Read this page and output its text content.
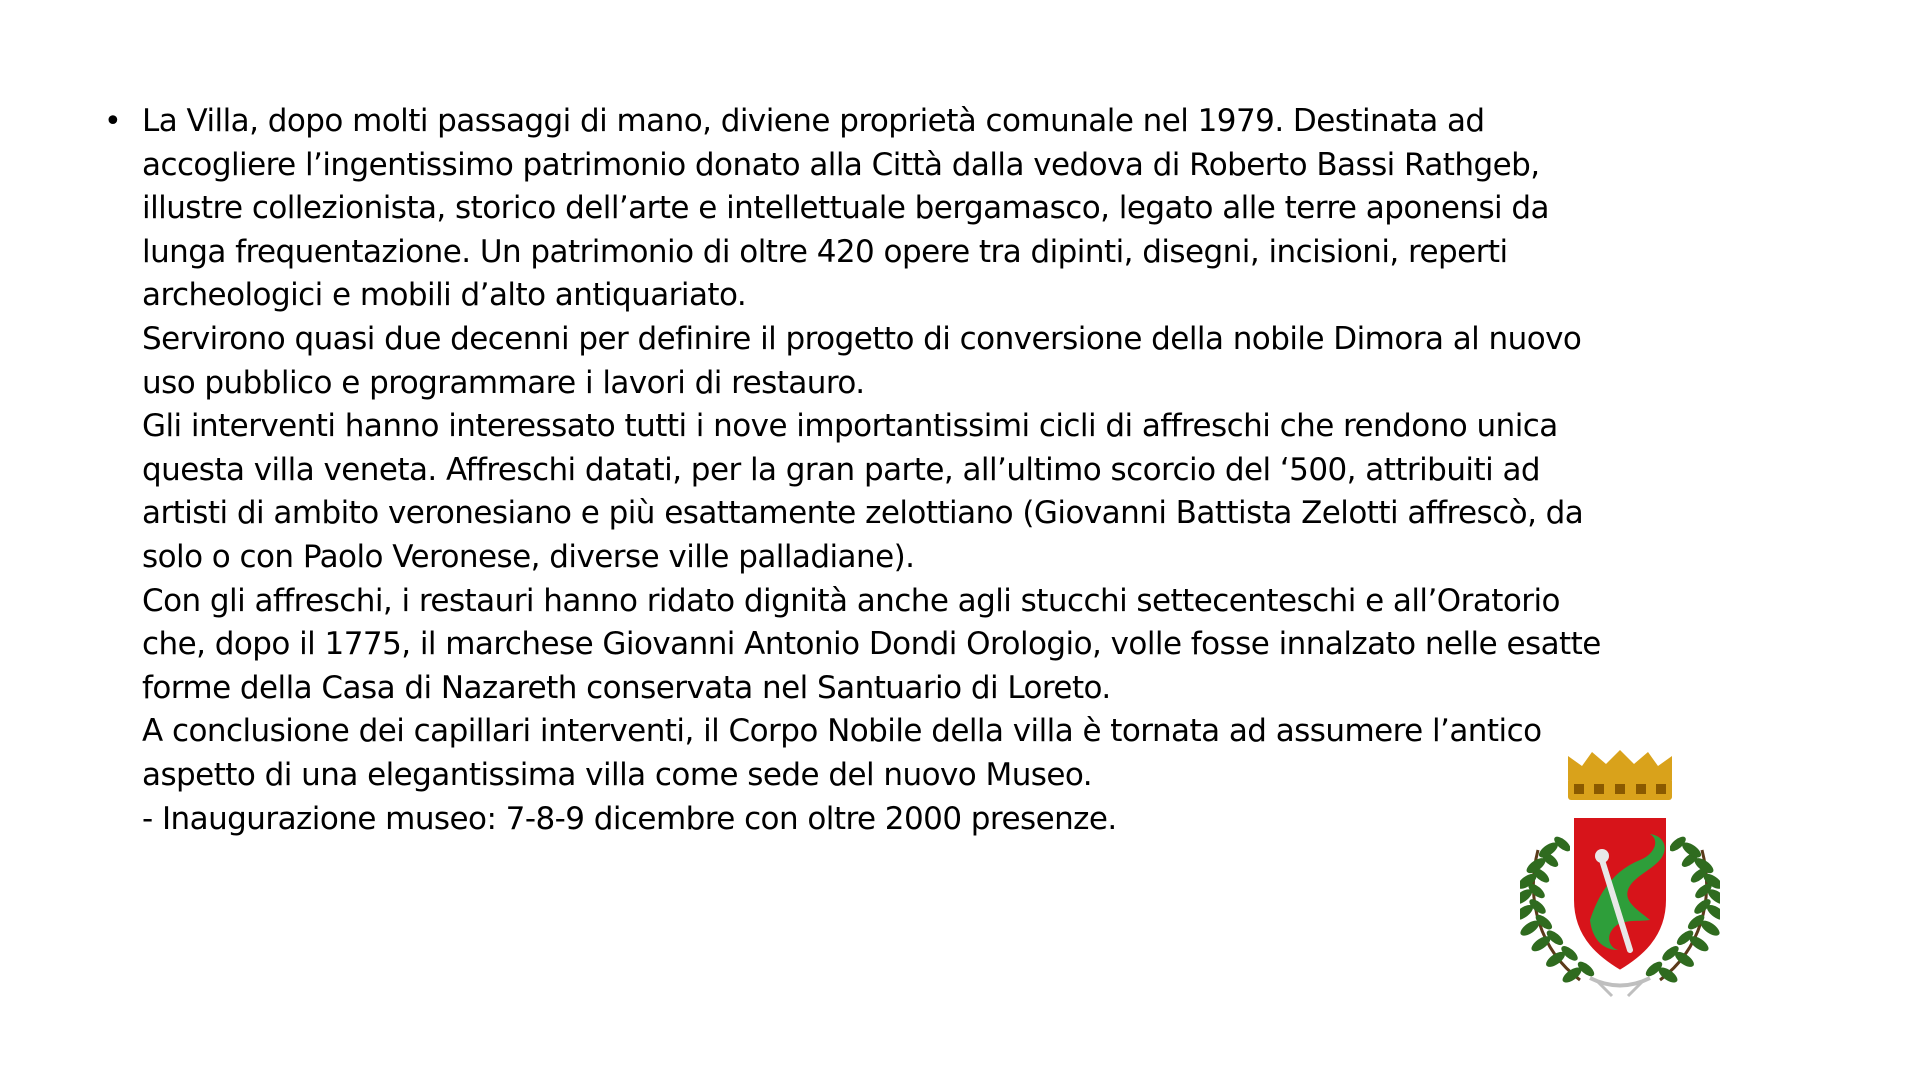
• La Villa, dopo molti passaggi di mano, diviene proprietà comunale nel 1979. Destinata ad
accogliere l’ingentissimo patrimonio donato alla Città dalla vedova di Roberto Bassi Rathgeb,
illustre collezionista, storico dell’arte e intellettuale bergamasco, legato alle terre aponensi da
lunga frequentazione. Un patrimonio di oltre 420 opere tra dipinti, disegni, incisioni, reperti
archeologici e mobili d’alto antiquariato.
Servirono quasi due decenni per definire il progetto di conversione della nobile Dimora al nuovo
uso pubblico e programmare i lavori di restauro.
Gli interventi hanno interessato tutti i nove importantissimi cicli di affreschi che rendono unica
questa villa veneta. Affreschi datati, per la gran parte, all’ultimo scorcio del ‘500, attribuiti ad
artisti di ambito veronesiano e più esattamente zelottiano (Giovanni Battista Zelotti affrescò, da
solo o con Paolo Veronese, diverse ville palladiane).
Con gli affreschi, i restauri hanno ridato dignità anche agli stucchi settecenteschi e all’Oratorio
che, dopo il 1775, il marchese Giovanni Antonio Dondi Orologio, volle fosse innalzato nelle esatte
forme della Casa di Nazareth conservata nel Santuario di Loreto.
A conclusione dei capillari interventi, il Corpo Nobile della villa è tornata ad assumere l’antico
aspetto di una elegantissima villa come sede del nuovo Museo.
- Inaugurazione museo: 7-8-9 dicembre con oltre 2000 presenze.
